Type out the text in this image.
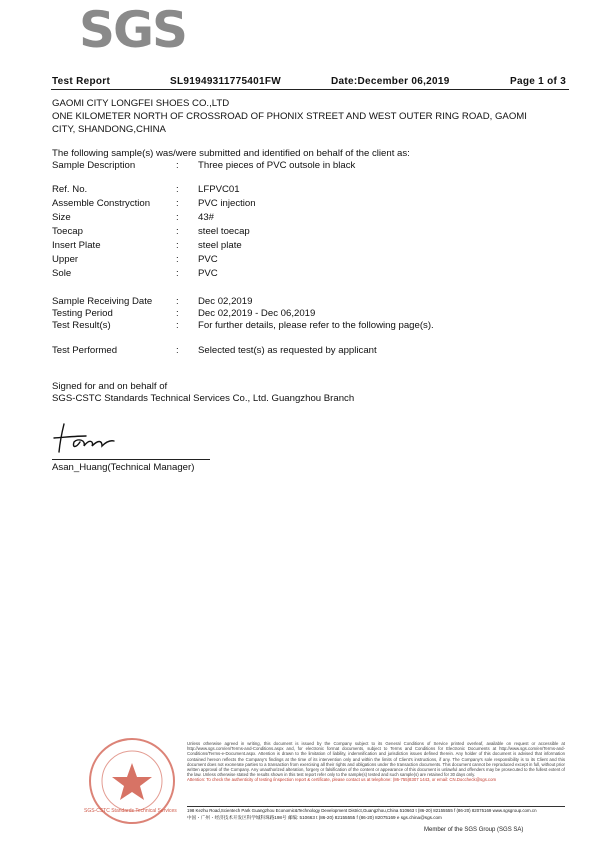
SGS
Test Report	SL91949311775401FW	Date:December 06,2019	Page 1 of 3
GAOMI CITY LONGFEI SHOES CO.,LTD
ONE KILOMETER NORTH OF CROSSROAD OF PHONIX STREET AND WEST OUTER RING ROAD, GAOMI
CITY, SHANDONG,CHINA
The following sample(s) was/were submitted and identified on behalf of the client as:
Sample Description	: Three pieces of PVC outsole in black
Ref. No.	: LFPVC01
Assemble Constryction	: PVC injection
Size	: 43#
Toecap	: steel toecap
Insert Plate	: steel plate
Upper	: PVC
Sole	: PVC
Sample Receiving Date : Dec 02,2019
Testing Period	: Dec 02,2019 - Dec 06,2019
Test Result(s)	: For further details, please refer to the following page(s).
Test Performed	: Selected test(s) as requested by applicant
Signed for and on behalf of
SGS-CSTC Standards Technical Services Co., Ltd. Guangzhou Branch
Asan_Huang(Technical Manager)
SGS-CSTC Standards Technical Services

Unless otherwise agreed in writing, this document is issued by the Company subject to its General Conditions of Service printed overleaf, available on request or accessible at http://www.sgs.com/en/Terms-and-Conditions.aspx and, for electronic format documents, subject to Terms and Conditions for Electronic Documents at http://www.sgs.com/en/Terms-and-Conditions/Terms-e-Document.aspx. Attention is drawn to the limitation of liability, indemnification and jurisdiction issues defined therein. Any holder of this document is advised that information contained hereon reflects the Company's findings at the time of its intervention only and within the limits of Client's instructions, if any. The Company's sole responsibility is to its Client and this document does not exonerate parties to a transaction from exercising all their rights and obligations under the transaction documents. This document cannot be reproduced except in full, without prior written approval of the Company. Any unauthorized alteration, forgery or falsification of the content or appearance of this document is unlawful and offenders may be prosecuted to the fullest extent of the law. Unless otherwise stated the results shown in this test report refer only to the sample(s) tested and such sample(s) are retained for 30 days only.

Attention: To check the authenticity of testing /inspection report & certificate, please contact us at telephone: (86-755)8307 1443, or email: CN.Doccheck@sgs.com

198 Kezhu Road,Scientech Park Guangzhou Economic&Technology Development District,Guangzhou,China 510663 t (86-20) 82155555 f (86-20) 82075169 www.sgsgroup.com.cn
中国・广州・经济技术开发区科学城科珠路198号 邮编: 510663 t (86-20) 82155555 f (86-20) 82075169 e sgs.china@sgs.com
Member of the SGS Group (SGS SA)
